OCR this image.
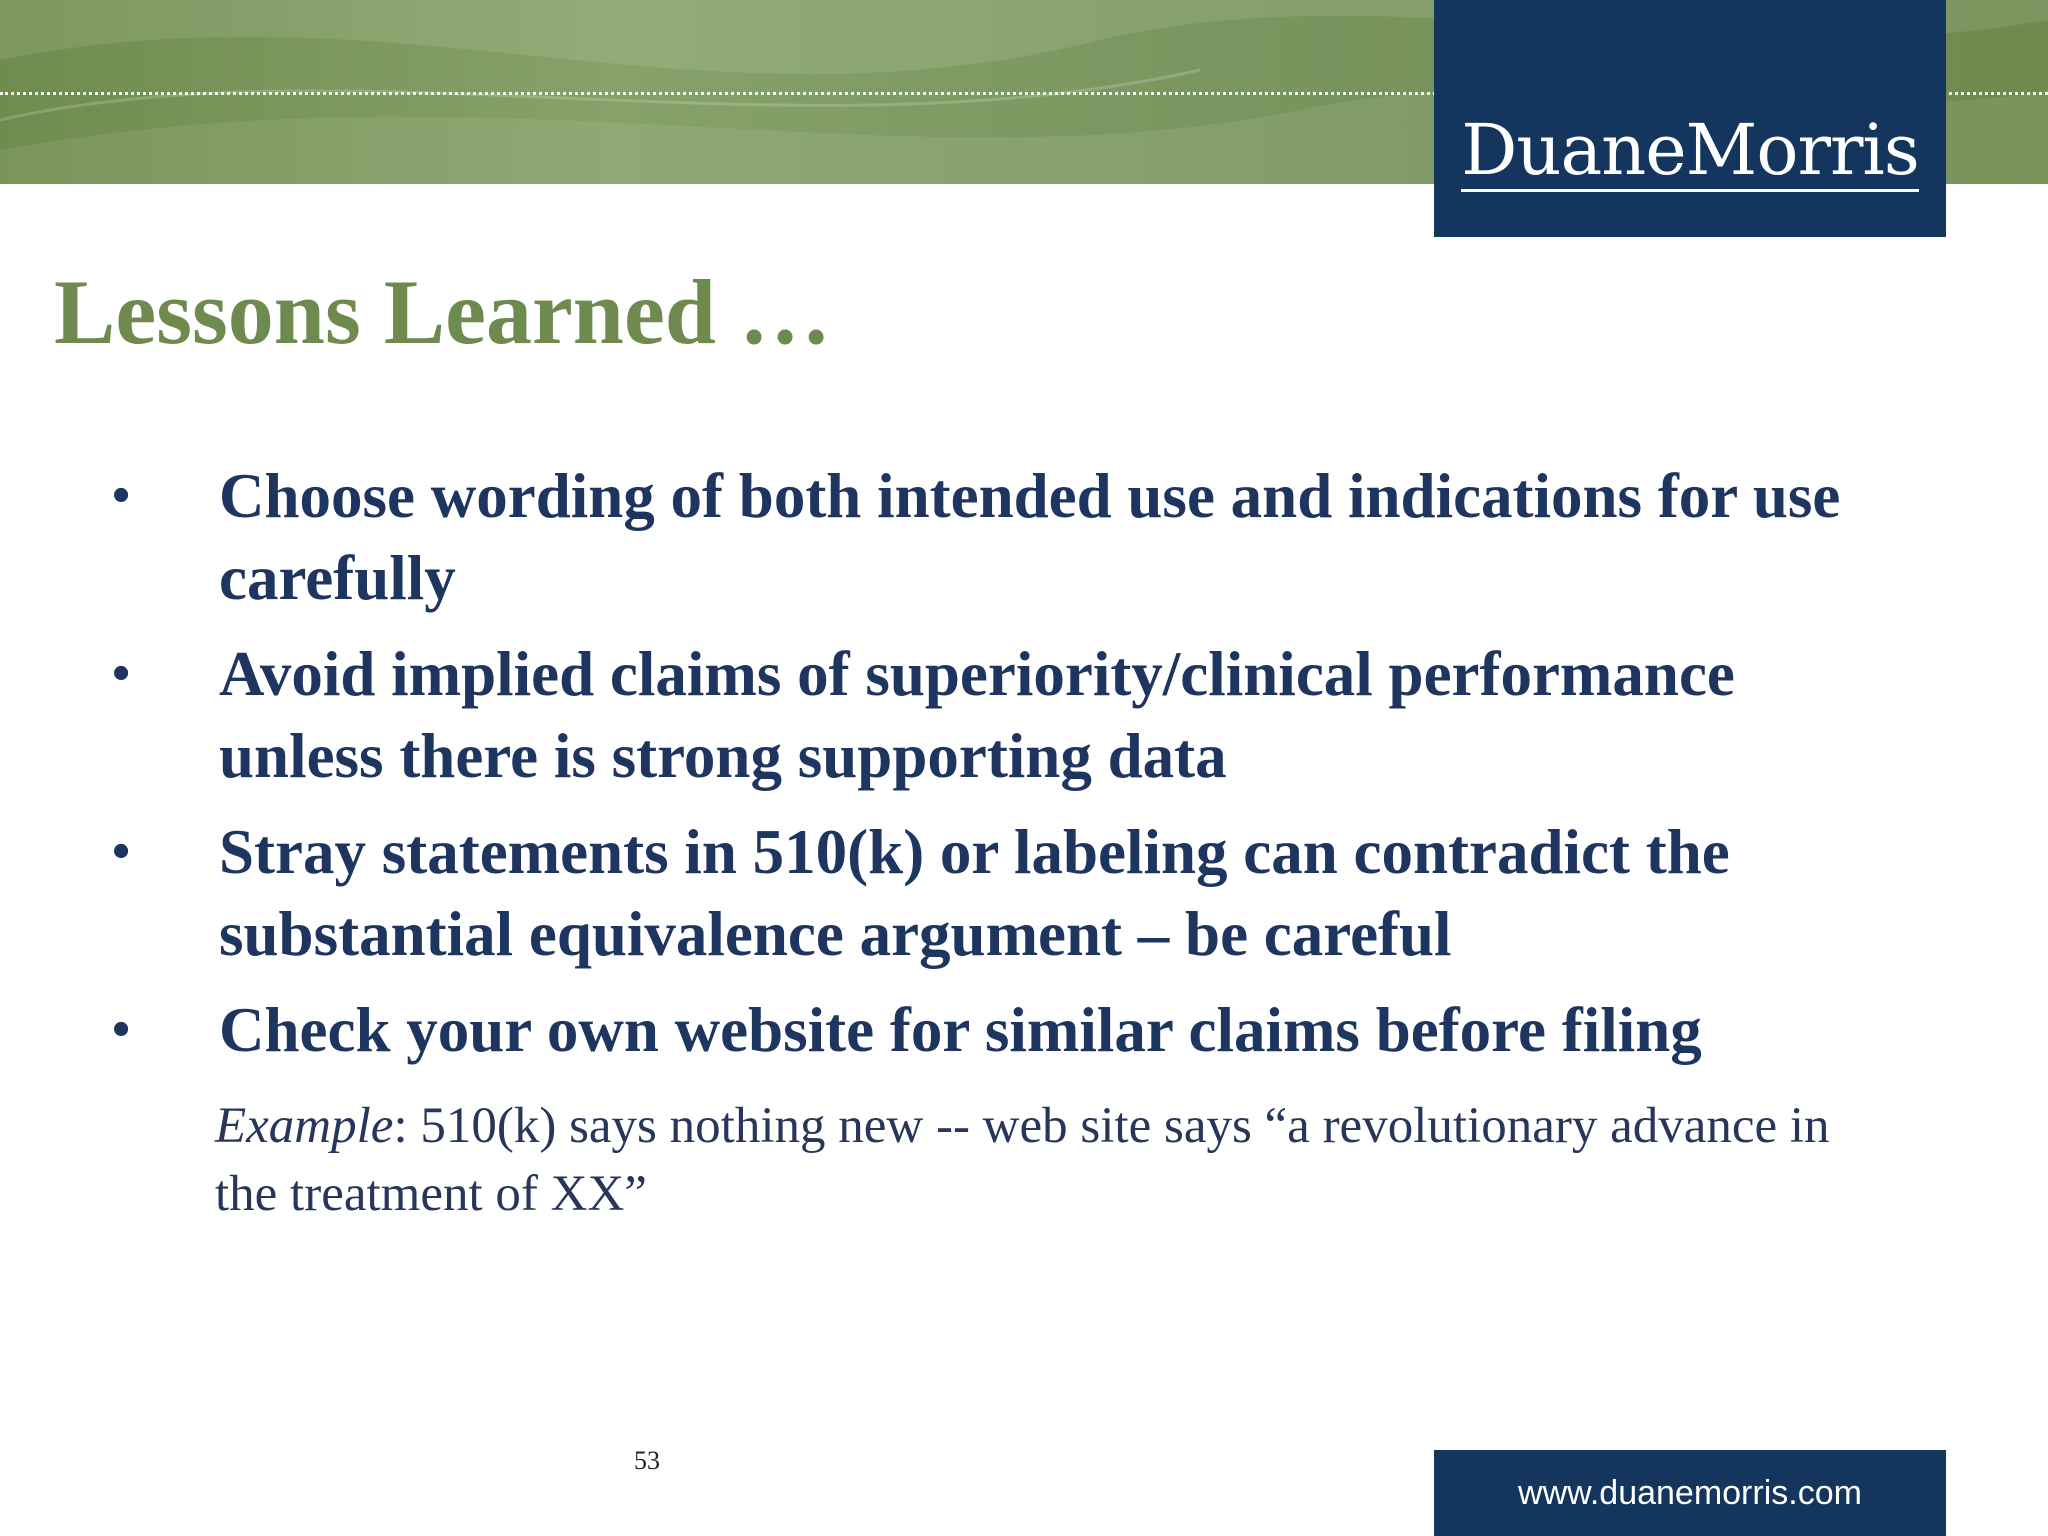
DuaneMorris
Lessons Learned …
• Choose wording of both intended use and indications for use carefully
• Avoid implied claims of superiority/clinical performance unless there is strong supporting data
• Stray statements in 510(k) or labeling can contradict the substantial equivalence argument – be careful
• Check your own website for similar claims before filing

Example: 510(k) says nothing new -- web site says “a revolutionary advance in the treatment of XX”

53
www.duanemorris.com
